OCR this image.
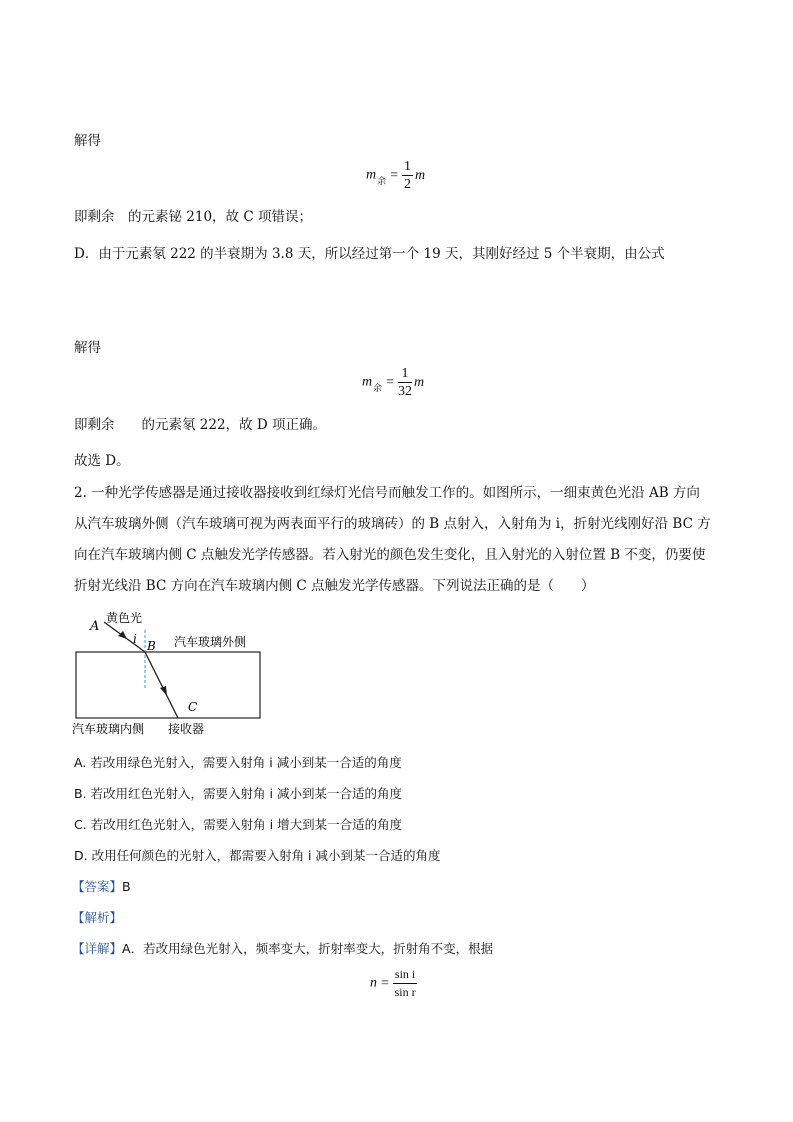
解得
$m_余 = \frac{1}{2}$ m
即剩余　的元素铋 210，故 C 项错误；
D．由于元素氡 222 的半衰期为 3.8 天，所以经过第一个 19 天，其刚好经过 5 个半衰期，由公式
解得
$m_余 = \frac{1}{32}$ m
即剩余　　的元素氡 222，故 D 项正确。
故选 D。
2. 一种光学传感器是通过接收器接收到红绿灯光信号而触发工作的。如图所示，一细束黄色光沿 AB 方向
从汽车玻璃外侧（汽车玻璃可视为两表面平行的玻璃砖）的 B 点射入，入射角为 i，折射光线刚好沿 BC 方
向在汽车玻璃内侧 C 点触发光学传感器。若入射光的颜色发生变化，且入射光的入射位置 B 不变，仍要使
折射光线沿 BC 方向在汽车玻璃内侧 C 点触发光学传感器。下列说法正确的是（　　）
A
黄色光
i B 汽车玻璃外侧
C
汽车玻璃内侧 接收器
A. 若改用绿色光射入，需要入射角 i 减小到某一合适的角度
B. 若改用红色光射入，需要入射角 i 减小到某一合适的角度
C. 若改用红色光射入，需要入射角 i 增大到某一合适的角度
D. 改用任何颜色的光射入，都需要入射角 i 减小到某一合适的角度
【答案】B
【解析】
【详解】A．若改用绿色光射入，频率变大，折射率变大，折射角不变，根据
$n = \frac{\text{sin i}}{\text{sin r}}$
